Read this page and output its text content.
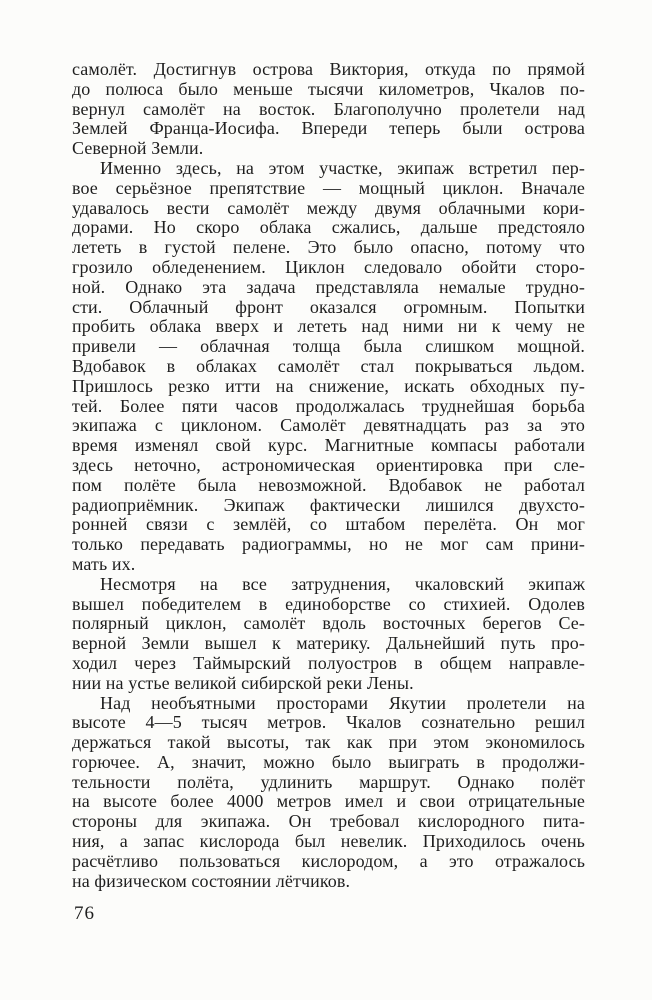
самолёт. Достигнув острова Виктория, откуда по прямой
до полюса было меньше тысячи километров, Чкалов по-
вернул самолёт на восток. Благополучно пролетели над
Землей Франца-Иосифа. Впереди теперь были острова
Северной Земли.
Именно здесь, на этом участке, экипаж встретил пер-
вое серьёзное препятствие — мощный циклон. Вначале
удавалось вести самолёт между двумя облачными кори-
дорами. Но скоро облака сжались, дальше предстояло
лететь в густой пелене. Это было опасно, потому что
грозило обледенением. Циклон следовало обойти сторо-
ной. Однако эта задача представляла немалые трудно-
сти. Облачный фронт оказался огромным. Попытки
пробить облака вверх и лететь над ними ни к чему не
привели — облачная толща была слишком мощной.
Вдобавок в облаках самолёт стал покрываться льдом.
Пришлось резко итти на снижение, искать обходных пу-
тей. Более пяти часов продолжалась труднейшая борьба
экипажа с циклоном. Самолёт девятнадцать раз за это
время изменял свой курс. Магнитные компасы работали
здесь неточно, астрономическая ориентировка при сле-
пом полёте была невозможной. Вдобавок не работал
радиоприёмник. Экипаж фактически лишился двухсто-
ронней связи с землёй, со штабом перелёта. Он мог
только передавать радиограммы, но не мог сам прини-
мать их.
Несмотря на все затруднения, чкаловский экипаж
вышел победителем в единоборстве со стихией. Одолев
полярный циклон, самолёт вдоль восточных берегов Се-
верной Земли вышел к материку. Дальнейший путь про-
ходил через Таймырский полуостров в общем направле-
нии на устье великой сибирской реки Лены.
Над необъятными просторами Якутии пролетели на
высоте 4—5 тысяч метров. Чкалов сознательно решил
держаться такой высоты, так как при этом экономилось
горючее. А, значит, можно было выиграть в продолжи-
тельности полёта, удлинить маршрут. Однако полёт
на высоте более 4000 метров имел и свои отрицательные
стороны для экипажа. Он требовал кислородного пита-
ния, а запас кислорода был невелик. Приходилось очень
расчётливо пользоваться кислородом, а это отражалось
на физическом состоянии лётчиков.
76
